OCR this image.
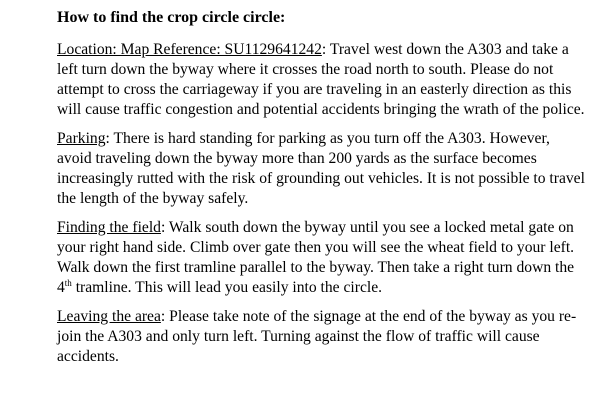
How to find the crop circle circle:

Location: Map Reference: SU1129641242: Travel west down the A303 and take a left turn down the byway where it crosses the road north to south. Please do not attempt to cross the carriageway if you are traveling in an easterly direction as this will cause traffic congestion and potential accidents bringing the wrath of the police.

Parking: There is hard standing for parking as you turn off the A303. However, avoid traveling down the byway more than 200 yards as the surface becomes increasingly rutted with the risk of grounding out vehicles. It is not possible to travel the length of the byway safely.

Finding the field: Walk south down the byway until you see a locked metal gate on your right hand side. Climb over gate then you will see the wheat field to your left. Walk down the first tramline parallel to the byway. Then take a right turn down the 4th tramline. This will lead you easily into the circle.

Leaving the area: Please take note of the signage at the end of the byway as you re-join the A303 and only turn left. Turning against the flow of traffic will cause accidents.
